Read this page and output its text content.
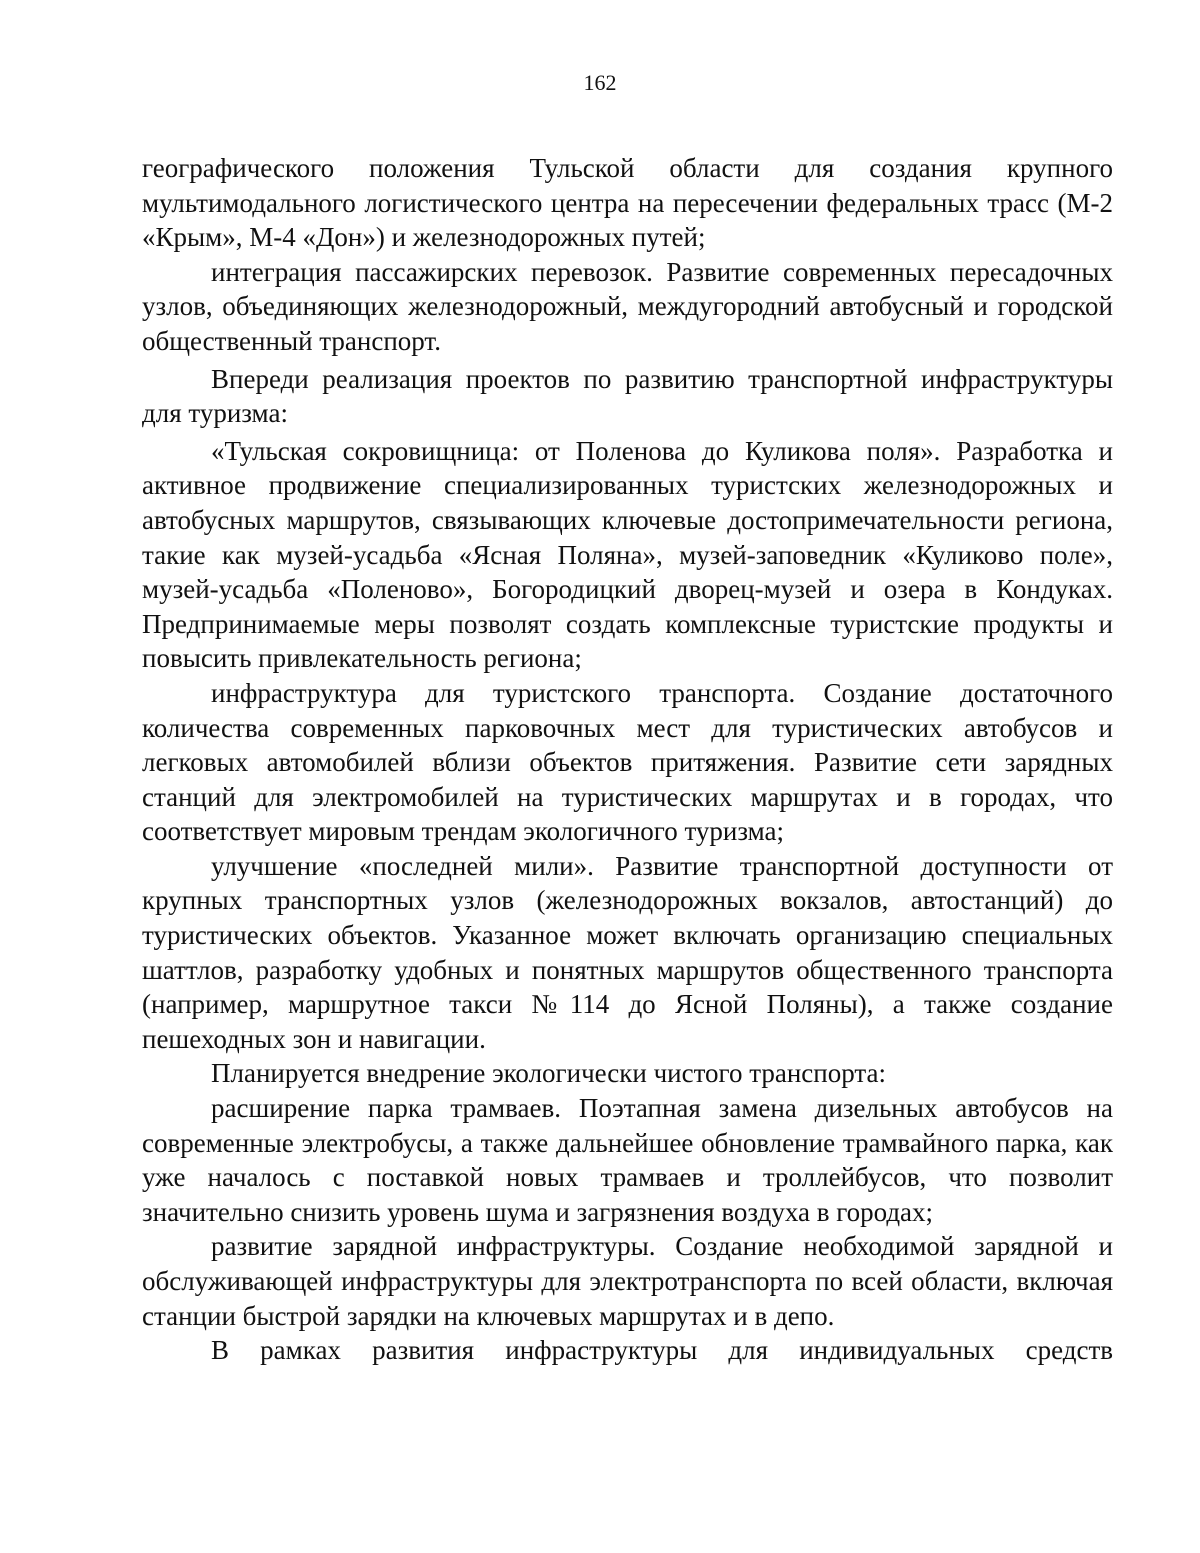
162

географического положения Тульской области для создания крупного мультимодального логистического центра на пересечении федеральных трасс (М-2 «Крым», М-4 «Дон») и железнодорожных путей;

интеграция пассажирских перевозок. Развитие современных пересадочных узлов, объединяющих железнодорожный, междугородний автобусный и городской общественный транспорт.

Впереди реализация проектов по развитию транспортной инфраструктуры для туризма:

«Тульская сокровищница: от Поленова до Куликова поля». Разработка и активное продвижение специализированных туристских железнодорожных и автобусных маршрутов, связывающих ключевые достопримечательности региона, такие как музей-усадьба «Ясная Поляна», музей-заповедник «Куликово поле», музей-усадьба «Поленово», Богородицкий дворец-музей и озера в Кондуках. Предпринимаемые меры позволят создать комплексные туристские продукты и повысить привлекательность региона;

инфраструктура для туристского транспорта. Создание достаточного количества современных парковочных мест для туристических автобусов и легковых автомобилей вблизи объектов притяжения. Развитие сети зарядных станций для электромобилей на туристических маршрутах и в городах, что соответствует мировым трендам экологичного туризма;

улучшение «последней мили». Развитие транспортной доступности от крупных транспортных узлов (железнодорожных вокзалов, автостанций) до туристических объектов. Указанное может включать организацию специальных шаттлов, разработку удобных и понятных маршрутов общественного транспорта (например, маршрутное такси №114 до Ясной Поляны), а также создание пешеходных зон и навигации.

Планируется внедрение экологически чистого транспорта:

расширение парка трамваев. Поэтапная замена дизельных автобусов на современные электробусы, а также дальнейшее обновление трамвайного парка, как уже началось с поставкой новых трамваев и троллейбусов, что позволит значительно снизить уровень шума и загрязнения воздуха в городах;

развитие зарядной инфраструктуры. Создание необходимой зарядной и обслуживающей инфраструктуры для электротранспорта по всей области, включая станции быстрой зарядки на ключевых маршрутах и в депо.

В рамках развития инфраструктуры для индивидуальных средств
